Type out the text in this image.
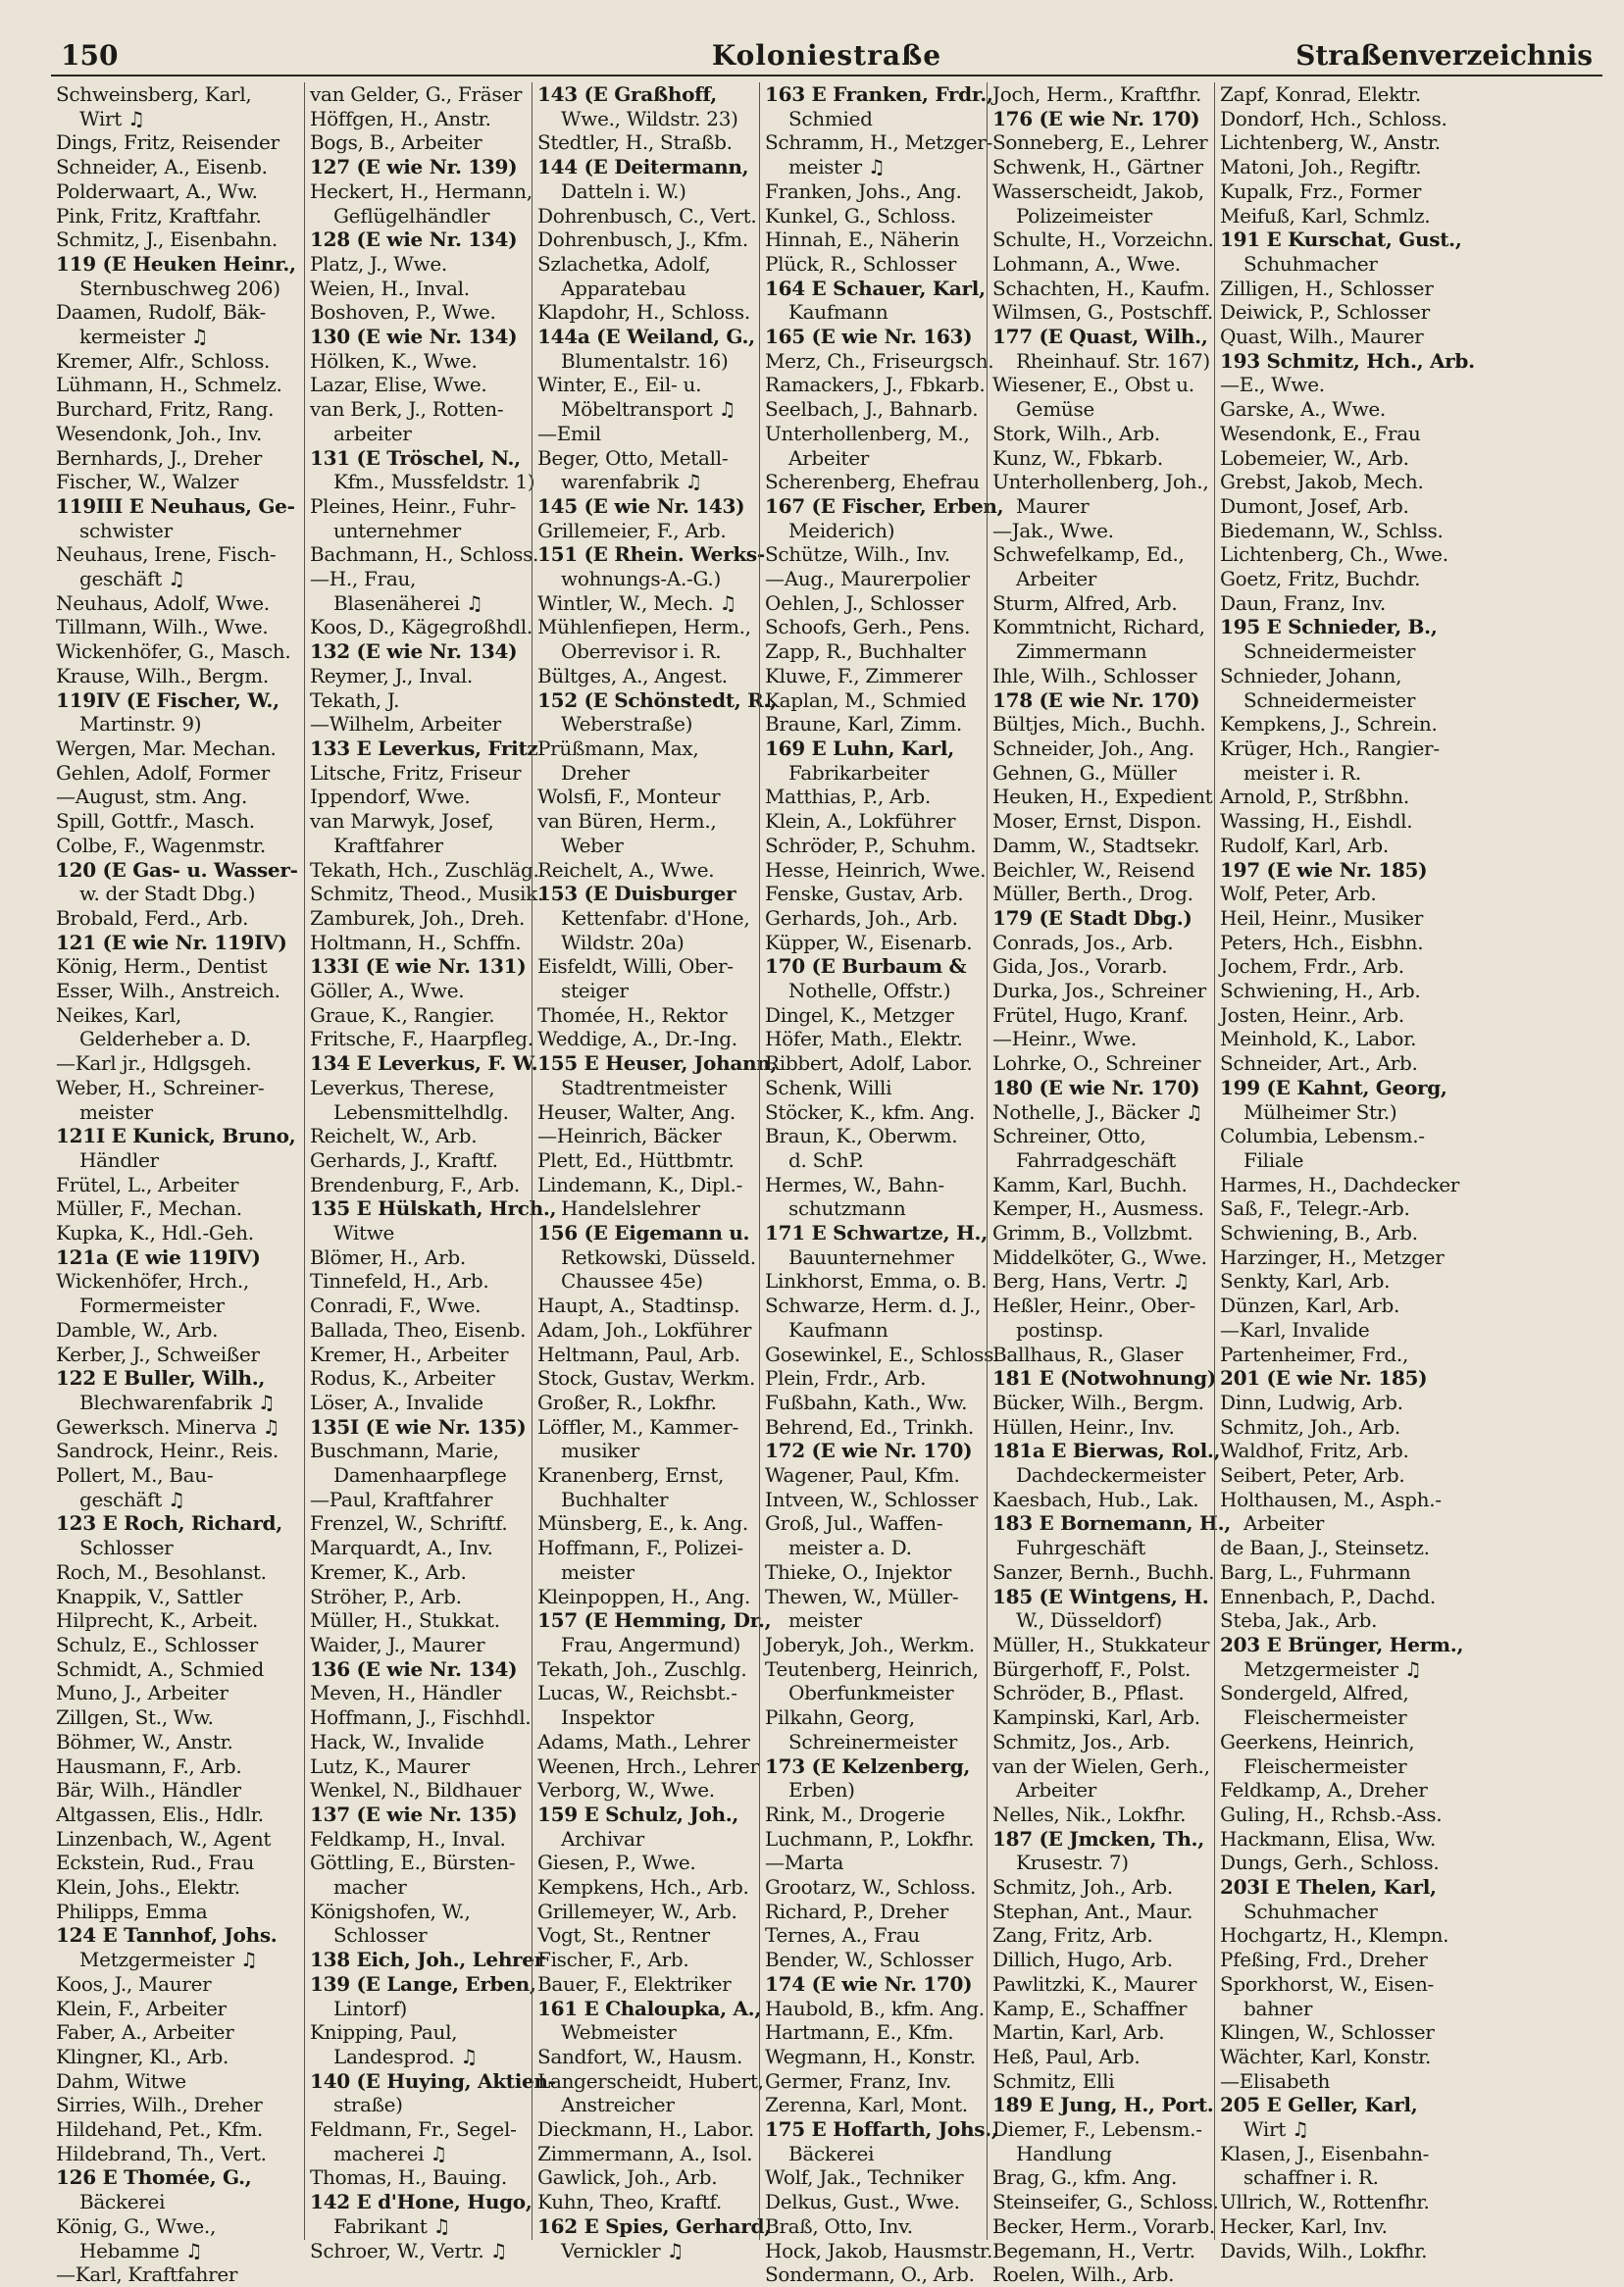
150	Koloniestraße	Straßenverzeichnis
Schweinsberg, Karl,
Wirt ♫
Dings, Fritz, Reisender
Schneider, A., Eisenb.
Polderwaart, A., Ww.
Pink, Fritz, Kraftfahr.
Schmitz, J., Eisenbahn.
119 (E Heuken Heinr.,
Sternbuschweg 206)
Daamen, Rudolf, Bäk-
kermeister ♫
Kremer, Alfr., Schloss.
Lühmann, H., Schmelz.
Burchard, Fritz, Rang.
Wesendonk, Joh., Inv.
Bernhards, J., Dreher
Fischer, W., Walzer
119III E Neuhaus, Ge-
schwister
Neuhaus, Irene, Fisch-
geschäft ♫
Neuhaus, Adolf, Wwe.
Tillmann, Wilh., Wwe.
Wickenhöfer, G., Masch.
Krause, Wilh., Bergm.
119IV (E Fischer, W.,
Martinstr. 9)
Wergen, Mar. Mechan.
Gehlen, Adolf, Former
—August, stm. Ang.
Spill, Gottfr., Masch.
Colbe, F., Wagenmstr.
120 (E Gas- u. Wasser-
w. der Stadt Dbg.)
Brobald, Ferd., Arb.
121 (E wie Nr. 119IV)
König, Herm., Dentist
Esser, Wilh., Anstreich.
Neikes, Karl,
Gelderheber a. D.
—Karl jr., Hdlgsgeh.
Weber, H., Schreiner-
meister
121I E Kunick, Bruno,
Händler
Frütel, L., Arbeiter
Müller, F., Mechan.
Kupka, K., Hdl.-Geh.
121a (E wie 119IV)
Wickenhöfer, Hrch.,
Formermeister
Damble, W., Arb.
Kerber, J., Schweißer
122 E Buller, Wilh.,
Blechwarenfabrik ♫
Gewerksch. Minerva ♫
Sandrock, Heinr., Reis.
Pollert, M., Bau-
geschäft ♫
123 E Roch, Richard,
Schlosser
Roch, M., Besohlanst.
Knappik, V., Sattler
Hilprecht, K., Arbeit.
Schulz, E., Schlosser
Schmidt, A., Schmied
Muno, J., Arbeiter
Zillgen, St., Ww.
Böhmer, W., Anstr.
Hausmann, F., Arb.
Bär, Wilh., Händler
Altgassen, Elis., Hdlr.
Linzenbach, W., Agent
Eckstein, Rud., Frau
Klein, Johs., Elektr.
Philipps, Emma
124 E Tannhof, Johs.
Metzgermeister ♫
Koos, J., Maurer
Klein, F., Arbeiter
Faber, A., Arbeiter
Klingner, Kl., Arb.
Dahm, Witwe
Sirries, Wilh., Dreher
Hildehand, Pet., Kfm.
Hildebrand, Th., Vert.
126 E Thomée, G.,
Bäckerei
König, G., Wwe.,
Hebamme ♫
—Karl, Kraftfahrer
van Gelder, G., Fräser
Höffgen, H., Anstr.
Bogs, B., Arbeiter
127 (E wie Nr. 139)
Heckert, H., Hermann,
Geflügelhändler
128 (E wie Nr. 134)
Platz, J., Wwe.
Weien, H., Inval.
Boshoven, P., Wwe.
130 (E wie Nr. 134)
Hölken, K., Wwe.
Lazar, Elise, Wwe.
van Berk, J., Rotten-
arbeiter
131 (E Tröschel, N.,
Kfm., Mussfeldstr. 1)
Pleines, Heinr., Fuhr-
unternehmer
Bachmann, H., Schloss.
—H., Frau,
Blasenäherei ♫
Koos, D., Kägegroßhdl.
132 (E wie Nr. 134)
Reymer, J., Inval.
Tekath, J.
—Wilhelm, Arbeiter
133 E Leverkus, Fritz
Litsche, Fritz, Friseur
Ippendorf, Wwe.
van Marwyk, Josef,
Kraftfahrer
Tekath, Hch., Zuschläg.
Schmitz, Theod., Musik.
Zamburek, Joh., Dreh.
Holtmann, H., Schffn.
133I (E wie Nr. 131)
Göller, A., Wwe.
Graue, K., Rangier.
Fritsche, F., Haarpfleg.
134 E Leverkus, F. W.
Leverkus, Therese,
Lebensmittelhdlg.
Reichelt, W., Arb.
Gerhards, J., Kraftf.
Brendenburg, F., Arb.
135 E Hülskath, Hrch.,
Witwe
Blömer, H., Arb.
Tinnefeld, H., Arb.
Conradi, F., Wwe.
Ballada, Theo, Eisenb.
Kremer, H., Arbeiter
Rodus, K., Arbeiter
Löser, A., Invalide
135I (E wie Nr. 135)
Buschmann, Marie,
Damenhaarpflege
—Paul, Kraftfahrer
Frenzel, W., Schriftf.
Marquardt, A., Inv.
Kremer, K., Arb.
Ströher, P., Arb.
Müller, H., Stukkat.
Waider, J., Maurer
136 (E wie Nr. 134)
Meven, H., Händler
Hoffmann, J., Fischhdl.
Hack, W., Invalide
Lutz, K., Maurer
Wenkel, N., Bildhauer
137 (E wie Nr. 135)
Feldkamp, H., Inval.
Göttling, E., Bürsten-
macher
Königshofen, W.,
Schlosser
138 Eich, Joh., Lehrer
139 (E Lange, Erben,
Lintorf)
Knipping, Paul,
Landesprod. ♫
140 (E Huying, Aktien-
straße)
Feldmann, Fr., Segel-
macherei ♫
Thomas, H., Bauing.
142 E d'Hone, Hugo,
Fabrikant ♫
Schroer, W., Vertr. ♫
143 (E Graßhoff,
Wwe., Wildstr. 23)
Stedtler, H., Straßb.
144 (E Deitermann,
Datteln i. W.)
Dohrenbusch, C., Vert.
Dohrenbusch, J., Kfm.
Szlachetka, Adolf,
Apparatebau
Klapdohr, H., Schloss.
144a (E Weiland, G.,
Blumentalstr. 16)
Winter, E., Eil- u.
Möbeltransport ♫
—Emil
Beger, Otto, Metall-
warenfabrik ♫
145 (E wie Nr. 143)
Grillemeier, F., Arb.
151 (E Rhein. Werks-
wohnungs-A.-G.)
Wintler, W., Mech. ♫
Mühlenfiepen, Herm.,
Oberrevisor i. R.
Bültges, A., Angest.
152 (E Schönstedt, R.,
Weberstraße)
Prüßmann, Max,
Dreher
Wolsfi, F., Monteur
van Büren, Herm.,
Weber
Reichelt, A., Wwe.
153 (E Duisburger
Kettenfabr. d'Hone,
Wildstr. 20a)
Eisfeldt, Willi, Ober-
steiger
Thomée, H., Rektor
Weddige, A., Dr.-Ing.
155 E Heuser, Johann,
Stadtrentmeister
Heuser, Walter, Ang.
—Heinrich, Bäcker
Plett, Ed., Hüttbmtr.
Lindemann, K., Dipl.-
Handelslehrer
156 (E Eigemann u.
Retkowski, Düsseld.
Chaussee 45e)
Haupt, A., Stadtinsp.
Adam, Joh., Lokführer
Heltmann, Paul, Arb.
Stock, Gustav, Werkm.
Großer, R., Lokfhr.
Löffler, M., Kammer-
musiker
Kranenberg, Ernst,
Buchhalter
Münsberg, E., k. Ang.
Hoffmann, F., Polizei-
meister
Kleinpoppen, H., Ang.
157 (E Hemming, Dr.,
Frau, Angermund)
Tekath, Joh., Zuschlg.
Lucas, W., Reichsbt.-
Inspektor
Adams, Math., Lehrer
Weenen, Hrch., Lehrer
Verborg, W., Wwe.
159 E Schulz, Joh.,
Archivar
Giesen, P., Wwe.
Kempkens, Hch., Arb.
Grillemeyer, W., Arb.
Vogt, St., Rentner
Fischer, F., Arb.
Bauer, F., Elektriker
161 E Chaloupka, A.,
Webmeister
Sandfort, W., Hausm.
Langerscheidt, Hubert,
Anstreicher
Dieckmann, H., Labor.
Zimmermann, A., Isol.
Gawlick, Joh., Arb.
Kuhn, Theo, Kraftf.
162 E Spies, Gerhard,
Vernickler ♫
163 E Franken, Frdr.,
Schmied
Schramm, H., Metzger-
meister ♫
Franken, Johs., Ang.
Kunkel, G., Schloss.
Hinnah, E., Näherin
Plück, R., Schlosser
164 E Schauer, Karl,
Kaufmann
165 (E wie Nr. 163)
Merz, Ch., Friseurgsch.
Ramackers, J., Fbkarb.
Seelbach, J., Bahnarb.
Unterhollenberg, M.,
Arbeiter
Scherenberg, Ehefrau
167 (E Fischer, Erben,
Meiderich)
Schütze, Wilh., Inv.
—Aug., Maurerpolier
Oehlen, J., Schlosser
Schoofs, Gerh., Pens.
Zapp, R., Buchhalter
Kluwe, F., Zimmerer
Kaplan, M., Schmied
Braune, Karl, Zimm.
169 E Luhn, Karl,
Fabrikarbeiter
Matthias, P., Arb.
Klein, A., Lokführer
Schröder, P., Schuhm.
Hesse, Heinrich, Wwe.
Fenske, Gustav, Arb.
Gerhards, Joh., Arb.
Küpper, W., Eisenarb.
170 (E Burbaum &
Nothelle, Offstr.)
Dingel, K., Metzger
Höfer, Math., Elektr.
Ribbert, Adolf, Labor.
Schenk, Willi
Stöcker, K., kfm. Ang.
Braun, K., Oberwm.
d. SchP.
Hermes, W., Bahn-
schutzmann
171 E Schwartze, H.,
Bauunternehmer
Linkhorst, Emma, o. B.
Schwarze, Herm. d. J.,
Kaufmann
Gosewinkel, E., Schloss.
Plein, Frdr., Arb.
Fußbahn, Kath., Ww.
Behrend, Ed., Trinkh.
172 (E wie Nr. 170)
Wagener, Paul, Kfm.
Intveen, W., Schlosser
Groß, Jul., Waffen-
meister a. D.
Thieke, O., Injektor
Thewen, W., Müller-
meister
Joberyk, Joh., Werkm.
Teutenberg, Heinrich,
Oberfunkmeister
Pilkahn, Georg,
Schreinermeister
173 (E Kelzenberg,
Erben)
Rink, M., Drogerie
Luchmann, P., Lokfhr.
—Marta
Grootarz, W., Schloss.
Richard, P., Dreher
Ternes, A., Frau
Bender, W., Schlosser
174 (E wie Nr. 170)
Haubold, B., kfm. Ang.
Hartmann, E., Kfm.
Wegmann, H., Konstr.
Germer, Franz, Inv.
Zerenna, Karl, Mont.
175 E Hoffarth, Johs.,
Bäckerei
Wolf, Jak., Techniker
Delkus, Gust., Wwe.
Braß, Otto, Inv.
Hock, Jakob, Hausmstr.
Sondermann, O., Arb.
Joch, Herm., Kraftfhr.
176 (E wie Nr. 170)
Sonneberg, E., Lehrer
Schwenk, H., Gärtner
Wasserscheidt, Jakob,
Polizeimeister
Schulte, H., Vorzeichn.
Lohmann, A., Wwe.
Schachten, H., Kaufm.
Wilmsen, G., Postschff.
177 (E Quast, Wilh.,
Rheinhauf. Str. 167)
Wiesener, E., Obst u.
Gemüse
Stork, Wilh., Arb.
Kunz, W., Fbkarb.
Unterhollenberg, Joh.,
Maurer
—Jak., Wwe.
Schwefelkamp, Ed.,
Arbeiter
Sturm, Alfred, Arb.
Kommtnicht, Richard,
Zimmermann
Ihle, Wilh., Schlosser
178 (E wie Nr. 170)
Bültjes, Mich., Buchh.
Schneider, Joh., Ang.
Gehnen, G., Müller
Heuken, H., Expedient
Moser, Ernst, Dispon.
Damm, W., Stadtsekr.
Beichler, W., Reisend
Müller, Berth., Drog.
179 (E Stadt Dbg.)
Conrads, Jos., Arb.
Gida, Jos., Vorarb.
Durka, Jos., Schreiner
Frütel, Hugo, Kranf.
—Heinr., Wwe.
Lohrke, O., Schreiner
180 (E wie Nr. 170)
Nothelle, J., Bäcker ♫
Schreiner, Otto,
Fahrradgeschäft
Kamm, Karl, Buchh.
Kemper, H., Ausmess.
Grimm, B., Vollzbmt.
Middelköter, G., Wwe.
Berg, Hans, Vertr. ♫
Heßler, Heinr., Ober-
postinsp.
Ballhaus, R., Glaser
181 E (Notwohnung)
Bücker, Wilh., Bergm.
Hüllen, Heinr., Inv.
181a E Bierwas, Rol.,
Dachdeckermeister
Kaesbach, Hub., Lak.
183 E Bornemann, H.,
Fuhrgeschäft
Sanzer, Bernh., Buchh.
185 (E Wintgens, H.
W., Düsseldorf)
Müller, H., Stukkateur
Bürgerhoff, F., Polst.
Schröder, B., Pflast.
Kampinski, Karl, Arb.
Schmitz, Jos., Arb.
van der Wielen, Gerh.,
Arbeiter
Nelles, Nik., Lokfhr.
187 (E Jmcken, Th.,
Krusestr. 7)
Schmitz, Joh., Arb.
Stephan, Ant., Maur.
Zang, Fritz, Arb.
Dillich, Hugo, Arb.
Pawlitzki, K., Maurer
Kamp, E., Schaffner
Martin, Karl, Arb.
Heß, Paul, Arb.
Schmitz, Elli
189 E Jung, H., Port.
Diemer, F., Lebensm.-
Handlung
Brag, G., kfm. Ang.
Steinseifer, G., Schloss.
Becker, Herm., Vorarb.
Begemann, H., Vertr.
Roelen, Wilh., Arb.
Zapf, Konrad, Elektr.
Dondorf, Hch., Schloss.
Lichtenberg, W., Anstr.
Matoni, Joh., Regiftr.
Kupalk, Frz., Former
Meifuß, Karl, Schmlz.
191 E Kurschat, Gust.,
Schuhmacher
Zilligen, H., Schlosser
Deiwick, P., Schlosser
Quast, Wilh., Maurer
193 Schmitz, Hch., Arb.
—E., Wwe.
Garske, A., Wwe.
Wesendonk, E., Frau
Lobemeier, W., Arb.
Grebst, Jakob, Mech.
Dumont, Josef, Arb.
Biedemann, W., Schlss.
Lichtenberg, Ch., Wwe.
Goetz, Fritz, Buchdr.
Daun, Franz, Inv.
195 E Schnieder, B.,
Schneidermeister
Schnieder, Johann,
Schneidermeister
Kempkens, J., Schrein.
Krüger, Hch., Rangier-
meister i. R.
Arnold, P., Strßbhn.
Wassing, H., Eishdl.
Rudolf, Karl, Arb.
197 (E wie Nr. 185)
Wolf, Peter, Arb.
Heil, Heinr., Musiker
Peters, Hch., Eisbhn.
Jochem, Frdr., Arb.
Schwiening, H., Arb.
Josten, Heinr., Arb.
Meinhold, K., Labor.
Schneider, Art., Arb.
199 (E Kahnt, Georg,
Mülheimer Str.)
Columbia, Lebensm.-
Filiale
Harmes, H., Dachdecker
Saß, F., Telegr.-Arb.
Schwiening, B., Arb.
Harzinger, H., Metzger
Senkty, Karl, Arb.
Dünzen, Karl, Arb.
—Karl, Invalide
Partenheimer, Frd.,
201 (E wie Nr. 185)
Dinn, Ludwig, Arb.
Schmitz, Joh., Arb.
Waldhof, Fritz, Arb.
Seibert, Peter, Arb.
Holthausen, M., Asph.-
Arbeiter
de Baan, J., Steinsetz.
Barg, L., Fuhrmann
Ennenbach, P., Dachd.
Steba, Jak., Arb.
203 E Brünger, Herm.,
Metzgermeister ♫
Sondergeld, Alfred,
Fleischermeister
Geerkens, Heinrich,
Fleischermeister
Feldkamp, A., Dreher
Guling, H., Rchsb.-Ass.
Hackmann, Elisa, Ww.
Dungs, Gerh., Schloss.
203I E Thelen, Karl,
Schuhmacher
Hochgartz, H., Klempn.
Pfeßing, Frd., Dreher
Sporkhorst, W., Eisen-
bahner
Klingen, W., Schlosser
Wächter, Karl, Konstr.
—Elisabeth
205 E Geller, Karl,
Wirt ♫
Klasen, J., Eisenbahn-
schaffner i. R.
Ullrich, W., Rottenfhr.
Hecker, Karl, Inv.
Davids, Wilh., Lokfhr.
